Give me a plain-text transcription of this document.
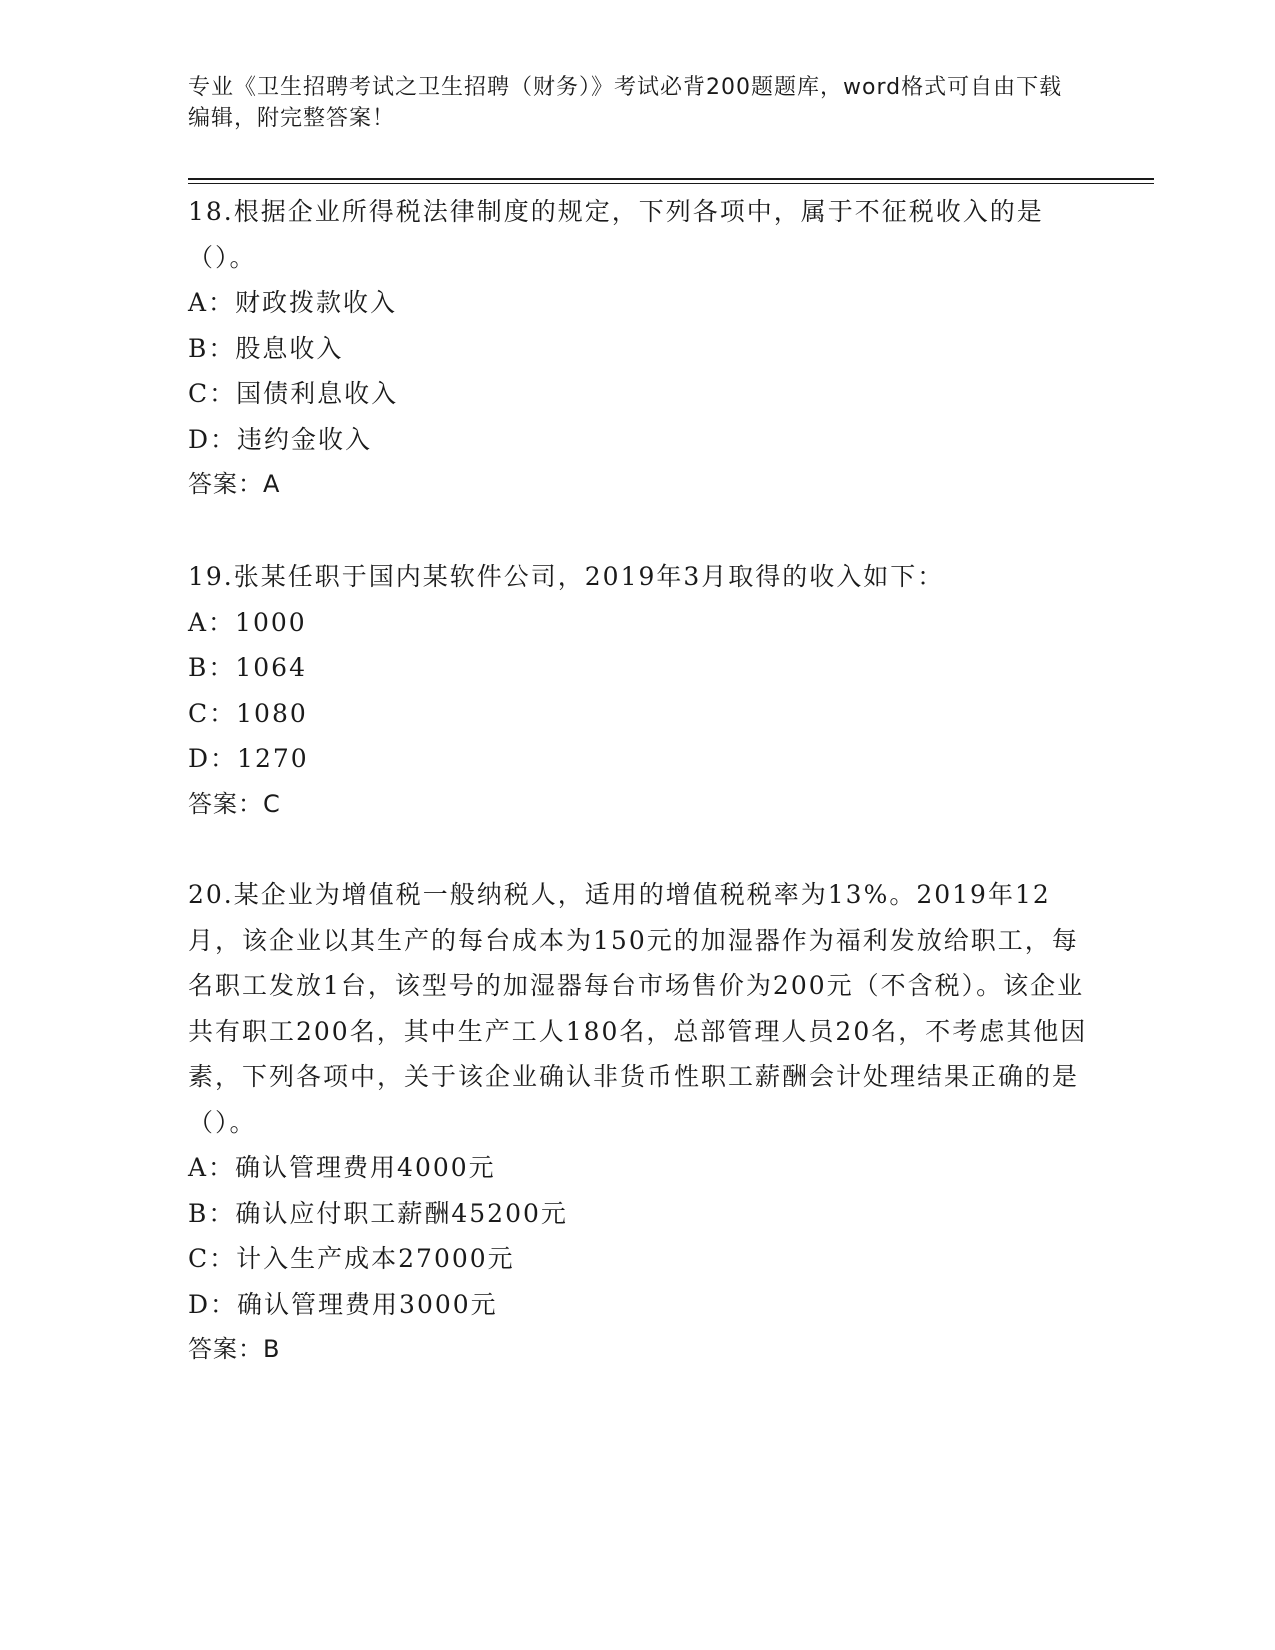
专业《卫生招聘考试之卫生招聘（财务）》考试必背200题题库，word格式可自由下载编辑，附完整答案！

18.根据企业所得税法律制度的规定，下列各项中，属于不征税收入的是（）。

A：财政拨款收入

B：股息收入

C：国债利息收入

D：违约金收入

答案：A

19.张某任职于国内某软件公司，2019年3月取得的收入如下：

A：1000

B：1064

C：1080

D：1270

答案：C

20.某企业为增值税一般纳税人，适用的增值税税率为13%。2019年12月，该企业以其生产的每台成本为150元的加湿器作为福利发放给职工，每名职工发放1台，该型号的加湿器每台市场售价为200元（不含税）。该企业共有职工200名，其中生产工人180名，总部管理人员20名，不考虑其他因素，下列各项中，关于该企业确认非货币性职工薪酬会计处理结果正确的是（）。

A：确认管理费用4000元

B：确认应付职工薪酬45200元

C：计入生产成本27000元

D：确认管理费用3000元

答案：B
